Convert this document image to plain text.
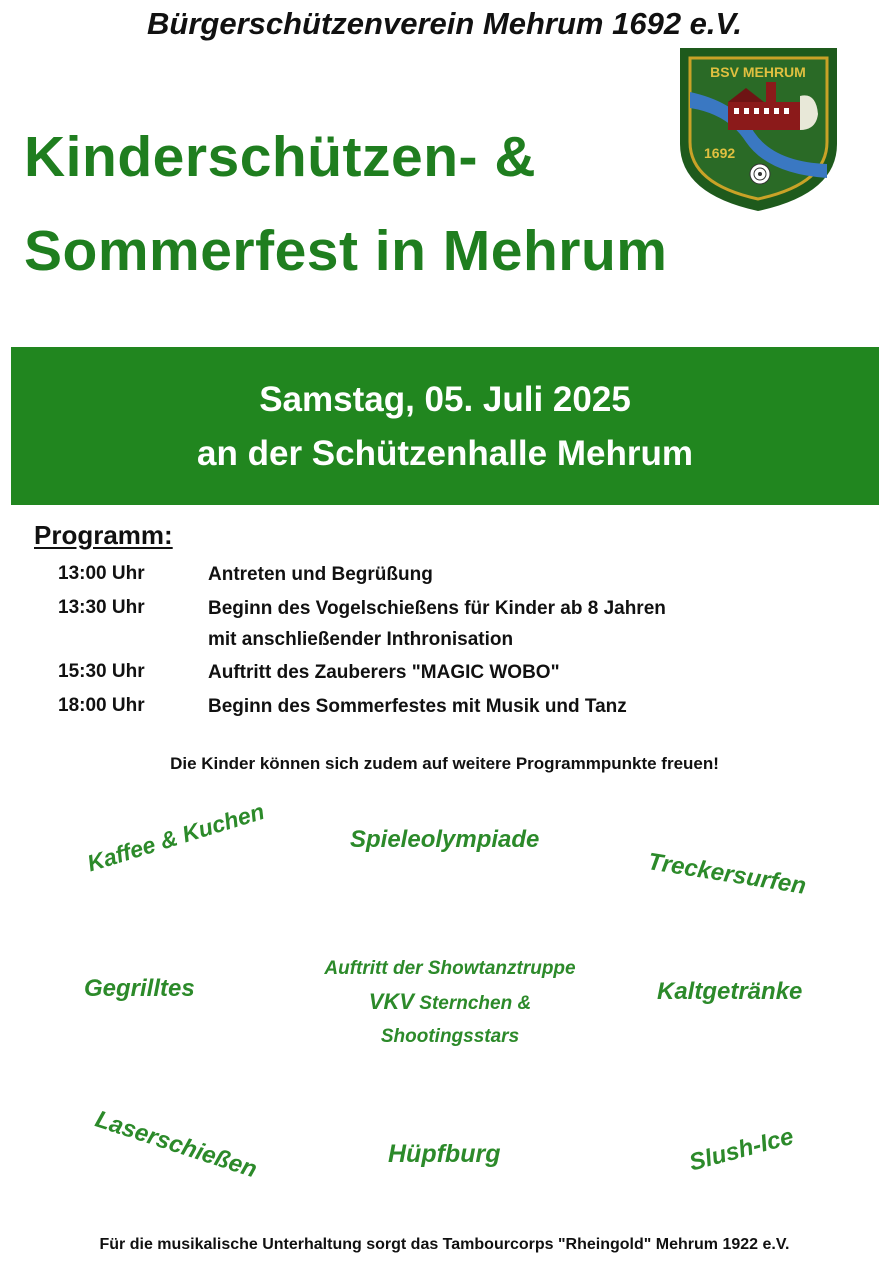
Bürgerschützenverein Mehrum 1692 e.V.
Kinderschützen- &
Sommerfest in Mehrum
BSV MEHRUM
1692
Samstag, 05. Juli 2025
an der Schützenhalle Mehrum
Programm:
13:00 Uhr	Antreten und Begrüßung
13:30 Uhr	Beginn des Vogelschießens für Kinder ab 8 Jahren
mit anschließender Inthronisation
15:30 Uhr	Auftritt des Zauberers "MAGIC WOBO"
18:00 Uhr	Beginn des Sommerfestes mit Musik und Tanz
Die Kinder können sich zudem auf weitere Programmpunkte freuen!
Kaffee & Kuchen	Spieleolympiade
Treckersurfen
Gegrilltes
Auftritt der Showtanztruppe
VKV Sternchen &
Shootingsstars
Kaltgetränke
Laserschießen	Hüpfburg	Slush-Ice
Für die musikalische Unterhaltung sorgt das Tambourcorps "Rheingold" Mehrum 1922 e.V.
